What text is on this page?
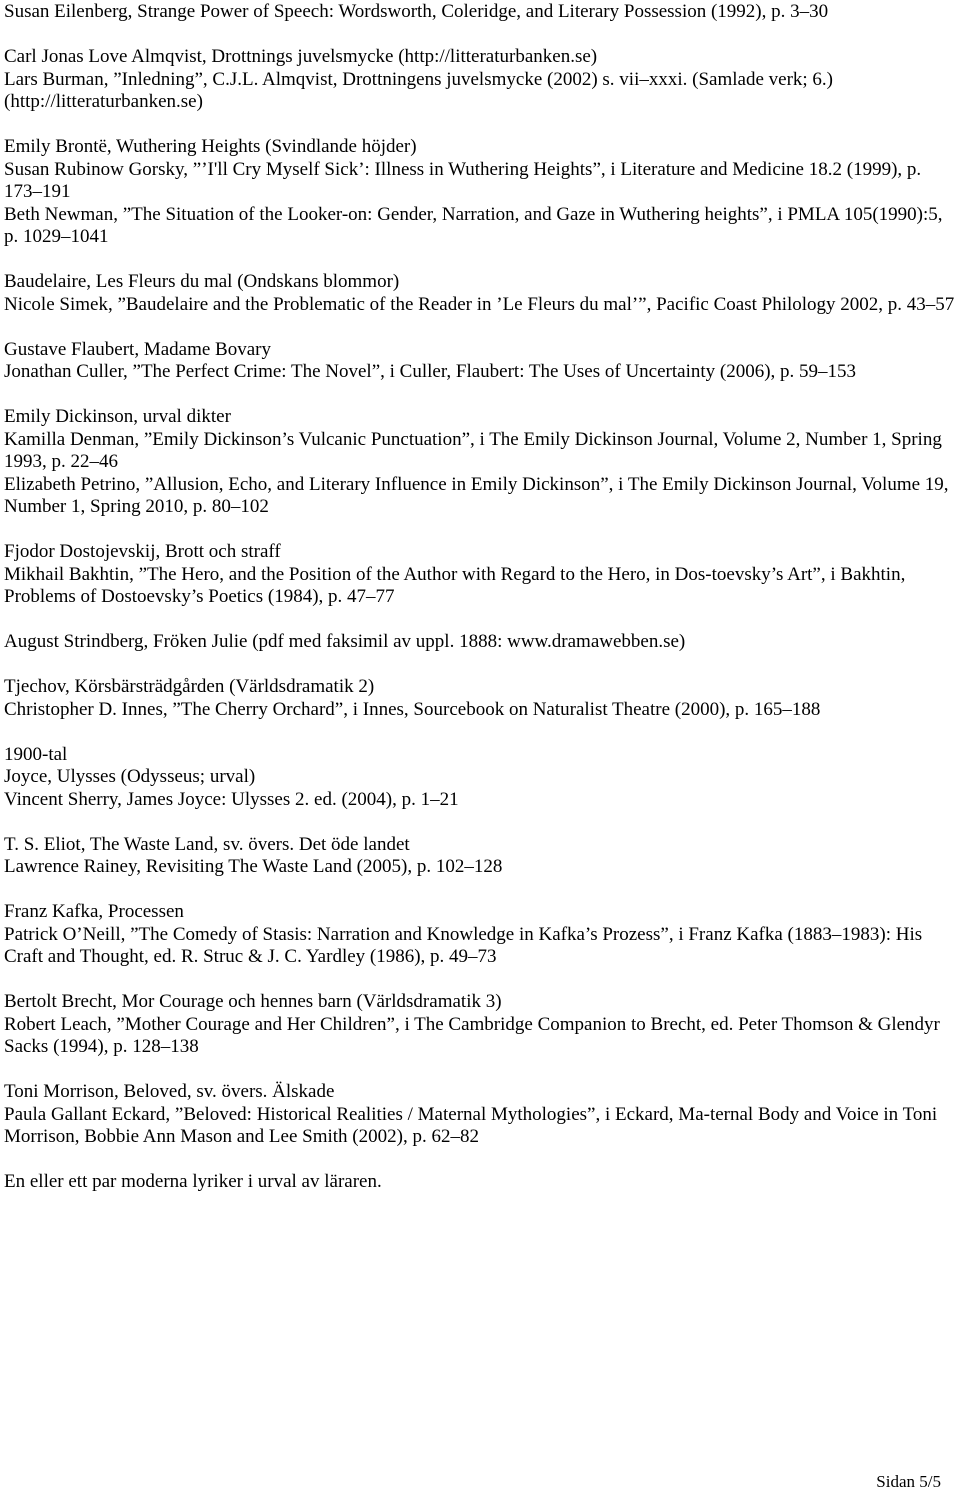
Susan Eilenberg, Strange Power of Speech: Wordsworth, Coleridge, and Literary Possession (1992), p. 3–30
Carl Jonas Love Almqvist, Drottnings juvelsmycke (http://litteraturbanken.se)
Lars Burman, ”Inledning”, C.J.L. Almqvist, Drottningens juvelsmycke (2002) s. vii–xxxi. (Samlade verk; 6.) (http://litteraturbanken.se)
Emily Brontë, Wuthering Heights (Svindlande höjder)
Susan Rubinow Gorsky, ”’I'll Cry Myself Sick’: Illness in Wuthering Heights”, i Literature and Medicine 18.2 (1999), p. 173–191
Beth Newman, ”The Situation of the Looker-on: Gender, Narration, and Gaze in Wuthering heights”, i PMLA 105(1990):5, p. 1029–1041
Baudelaire, Les Fleurs du mal (Ondskans blommor)
Nicole Simek, ”Baudelaire and the Problematic of the Reader in ’Le Fleurs du mal’”, Pacific Coast Philology 2002, p. 43–57
Gustave Flaubert, Madame Bovary
Jonathan Culler, ”The Perfect Crime: The Novel”, i Culler, Flaubert: The Uses of Uncertainty (2006), p. 59–153
Emily Dickinson, urval dikter
Kamilla Denman, ”Emily Dickinson’s Vulcanic Punctuation”, i The Emily Dickinson Journal, Volume 2, Number 1, Spring 1993, p. 22–46
Elizabeth Petrino, ”Allusion, Echo, and Literary Influence in Emily Dickinson”, i The Emily Dickinson Journal, Volume 19, Number 1, Spring 2010, p. 80–102
Fjodor Dostojevskij, Brott och straff
Mikhail Bakhtin, ”The Hero, and the Position of the Author with Regard to the Hero, in Dos-toevsky’s Art”, i Bakhtin, Problems of Dostoevsky’s Poetics (1984), p. 47–77
August Strindberg, Fröken Julie (pdf med faksimil av uppl. 1888: www.dramawebben.se)
Tjechov, Körsbärsträdgården (Världsdramatik 2)
Christopher D. Innes, ”The Cherry Orchard”, i Innes, Sourcebook on Naturalist Theatre (2000), p. 165–188
1900-tal
Joyce, Ulysses (Odysseus; urval)
Vincent Sherry, James Joyce: Ulysses 2. ed. (2004), p. 1–21
T. S. Eliot, The Waste Land, sv. övers. Det öde landet
Lawrence Rainey, Revisiting The Waste Land (2005), p. 102–128
Franz Kafka, Processen
Patrick O’Neill, ”The Comedy of Stasis: Narration and Knowledge in Kafka’s Prozess”, i Franz Kafka (1883–1983): His Craft and Thought, ed. R. Struc & J. C. Yardley (1986), p. 49–73
Bertolt Brecht, Mor Courage och hennes barn (Världsdramatik 3)
Robert Leach, ”Mother Courage and Her Children”, i The Cambridge Companion to Brecht, ed. Peter Thomson & Glendyr Sacks (1994), p. 128–138
Toni Morrison, Beloved, sv. övers. Älskade
Paula Gallant Eckard, ”Beloved: Historical Realities / Maternal Mythologies”, i Eckard, Ma-ternal Body and Voice in Toni Morrison, Bobbie Ann Mason and Lee Smith (2002), p. 62–82
En eller ett par moderna lyriker i urval av läraren.
Sidan 5/5
